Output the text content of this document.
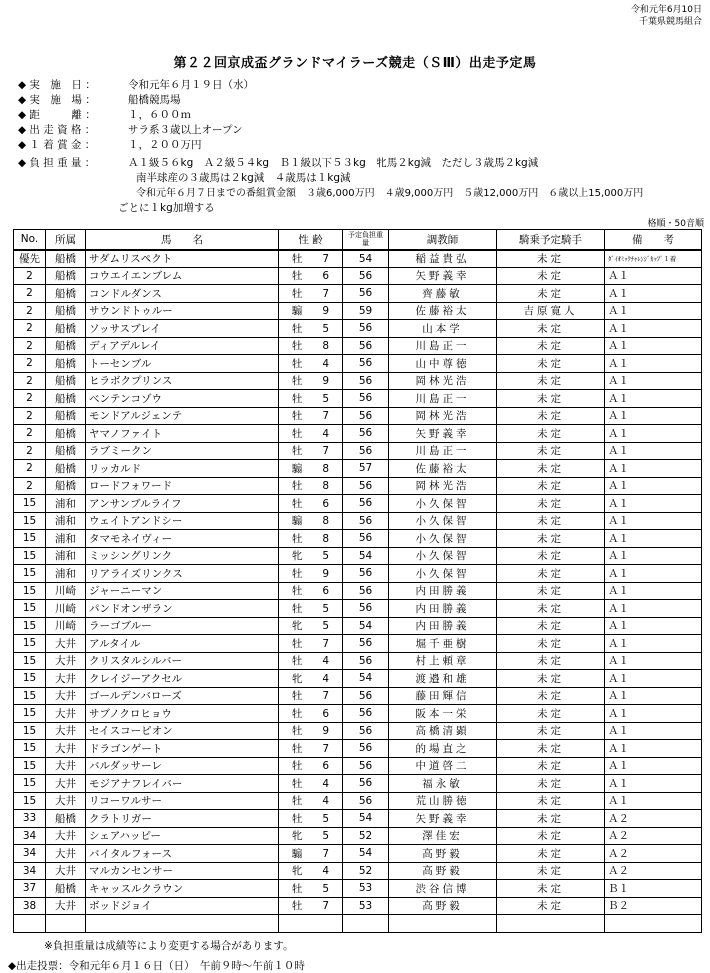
令和元年6月10日
千葉県競馬組合
第２２回京成盃グランドマイラーズ競走（ＳⅢ）出走予定馬
◆ 実　施　日 ：	令和元年６月１９日（水）
◆ 実　施　場 ：	船橋競馬場
◆ 距　　　離 ：	１，６００ｍ
◆ 出 走 資 格 ：	サラ系３歳以上オープン
◆ １ 着 賞 金 ：	１，２００万円
◆ 負 担 重 量 ：	Ａ１級５６kg　Ａ２級５４kg　Ｂ１級以下５３kg　牝馬２kg減　ただし３歳馬２kg減
南半球産の３歳馬は２kg減　４歳馬は１kg減
令和元年６月７日までの番組賞金額　３歳6,000万円　４歳9,000万円　５歳12,000万円　６歳以上15,000万円
ごとに１kg加増する
格順・50音順
No.	所属	馬　　名	性 齢	予定負担重量	調教師	騎乗予定騎手	備　　考
優先	船橋	サダムリスペクト	牡 7	54	稲益貴弘	未定	ﾀﾞｲｵﾐｯｸﾁｬﾚﾝｼﾞｶｯﾌﾟ１着
2	船橋	コウエイエンブレム	牡 6	56	矢野義幸	未定	Ａ１
2	船橋	コンドルダンス	牡 7	56	齊藤敏	未定	Ａ１
2	船橋	サウンドトゥルー	騸 9	59	佐藤裕太	吉原寛人	Ａ１
2	船橋	ソッサスブレイ	牡 5	56	山本学	未定	Ａ１
2	船橋	ディアデルレイ	牡 8	56	川島正一	未定	Ａ１
2	船橋	トーセンブル	牡 4	56	山中尊徳	未定	Ａ１
2	船橋	ヒラボクプリンス	牡 9	56	岡林光浩	未定	Ａ１
2	船橋	ベンテンコゾウ	牡 5	56	川島正一	未定	Ａ１
2	船橋	モンドアルジェンテ	牡 7	56	岡林光浩	未定	Ａ１
2	船橋	ヤマノファイト	牡 4	56	矢野義幸	未定	Ａ１
2	船橋	ラブミークン	牡 7	56	川島正一	未定	Ａ１
2	船橋	リッカルド	騸 8	57	佐藤裕太	未定	Ａ１
2	船橋	ロードフォワード	牡 8	56	岡林光浩	未定	Ａ１
15	浦和	アンサンブルライフ	牡 6	56	小久保智	未定	Ａ１
15	浦和	ウェイトアンドシー	騸 8	56	小久保智	未定	Ａ１
15	浦和	タマモネイヴィー	牡 8	56	小久保智	未定	Ａ１
15	浦和	ミッシングリンク	牝 5	54	小久保智	未定	Ａ１
15	浦和	リアライズリンクス	牡 9	56	小久保智	未定	Ａ１
15	川崎	ジャーニーマン	牡 6	56	内田勝義	未定	Ａ１
15	川崎	パンドオンザラン	牡 5	56	内田勝義	未定	Ａ１
15	川崎	ラーゴブルー	牝 5	54	内田勝義	未定	Ａ１
15	大井	アルタイル	牡 7	56	堀千亜樹	未定	Ａ１
15	大井	クリスタルシルバー	牡 4	56	村上頼章	未定	Ａ１
15	大井	クレイジーアクセル	牝 4	54	渡邉和雄	未定	Ａ１
15	大井	ゴールデンバローズ	牡 7	56	藤田輝信	未定	Ａ１
15	大井	サブノクロヒョウ	牡 6	56	阪本一栄	未定	Ａ１
15	大井	セイスコーピオン	牡 9	56	高橋清顕	未定	Ａ１
15	大井	ドラゴンゲート	牡 7	56	的場直之	未定	Ａ１
15	大井	バルダッサーレ	牡 6	56	中道啓二	未定	Ａ１
15	大井	モジアナフレイバー	牡 4	56	福永敏	未定	Ａ１
15	大井	リコーワルサー	牡 4	56	荒山勝徳	未定	Ａ１
33	船橋	クラトリガー	牡 5	54	矢野義幸	未定	Ａ２
34	大井	シェアハッピー	牝 5	52	澤佳宏	未定	Ａ２
34	大井	バイタルフォース	騸 7	54	高野毅	未定	Ａ２
34	大井	マルカンセンサー	牝 4	52	高野毅	未定	Ａ２
37	船橋	キャッスルクラウン	牡 5	53	渋谷信博	未定	Ｂ１
38	大井	ボッドジョイ	牡 7	53	高野毅	未定	Ｂ２

※負担重量は成績等により変更する場合があります。
◆出走投票：令和元年６月１６日（日）　午前９時～午前１０時
